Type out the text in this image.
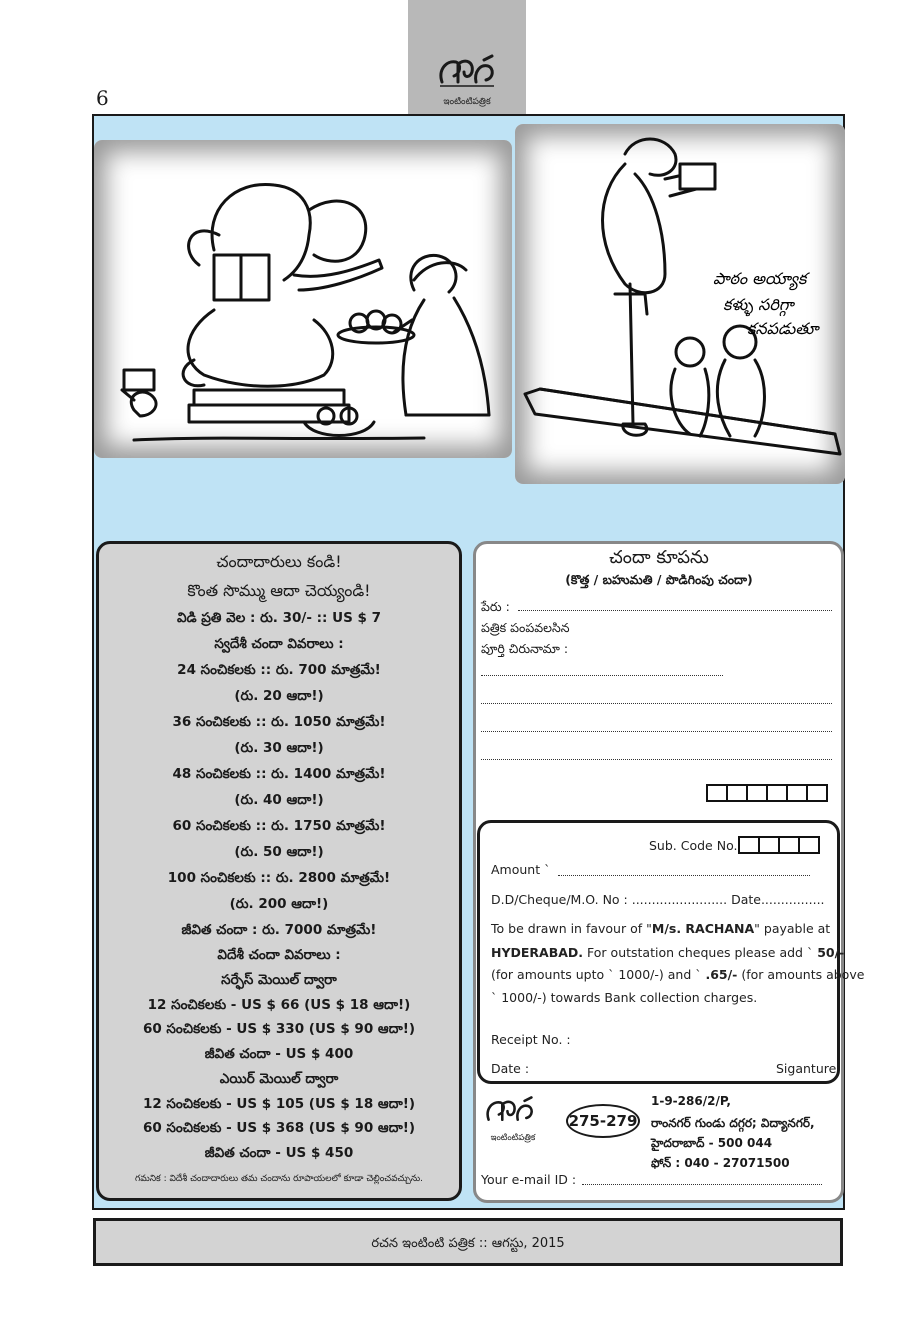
6	ఇంటింటిపత్రిక
పాఠం అయ్యాక
కళ్ళు సరిగ్గా
కనపడుతూ
చందాదారులు కండి!
కొంత సొమ్ము ఆదా చెయ్యండి!
విడి ప్రతి వెల : రు. 30/- :: US $ 7
స్వదేశీ చందా వివరాలు :
24 సంచికలకు :: రు. 700 మాత్రమే!
(రు. 20 ఆదా!)
36 సంచికలకు :: రు. 1050 మాత్రమే!
(రు. 30 ఆదా!)
48 సంచికలకు :: రు. 1400 మాత్రమే!
(రు. 40 ఆదా!)
60 సంచికలకు :: రు. 1750 మాత్రమే!
(రు. 50 ఆదా!)
100 సంచికలకు :: రు. 2800 మాత్రమే!
(రు. 200 ఆదా!)
జీవిత చందా : రు. 7000 మాత్రమే!
విదేశీ చందా వివరాలు :
సర్ఫేస్ మెయిల్ ద్వారా
12 సంచికలకు - US $ 66 (US $ 18 ఆదా!)
60 సంచికలకు - US $ 330 (US $ 90 ఆదా!)
జీవిత చందా - US $ 400
ఎయిర్ మెయిల్ ద్వారా
12 సంచికలకు - US $ 105 (US $ 18 ఆదా!)
60 సంచికలకు - US $ 368 (US $ 90 ఆదా!)
జీవిత చందా - US $ 450
గమనిక : విదేశీ చందాదారులు తమ చందాను రూపాయలలో కూడా చెల్లించవచ్చును.
చందా కూపను
(కొత్త / బహుమతి / పొడిగింపు చందా)
పేరు :
పత్రిక పంపవలసిన
పూర్తి చిరునామా :
Sub. Code No.
Amount `
D.D/Cheque/M.O. No : ........................ Date................
To be drawn in favour of "M/s. RACHANA" payable at
HYDERABAD. For outstation cheques please add ` 50/-
(for amounts upto ` 1000/-) and ` .65/- (for amounts above
` 1000/-) towards Bank collection charges.
Receipt No. :
Date :	Siganture
ఇంటింటిపత్రిక
275-279
1-9-286/2/P,
రాంనగర్ గుండు దగ్గర; విద్యానగర్,
హైదరాబాద్ - 500 044
ఫోన్ : 040 - 27071500
Your e-mail ID :
రచన ఇంటింటి పత్రిక :: ఆగస్టు, 2015
